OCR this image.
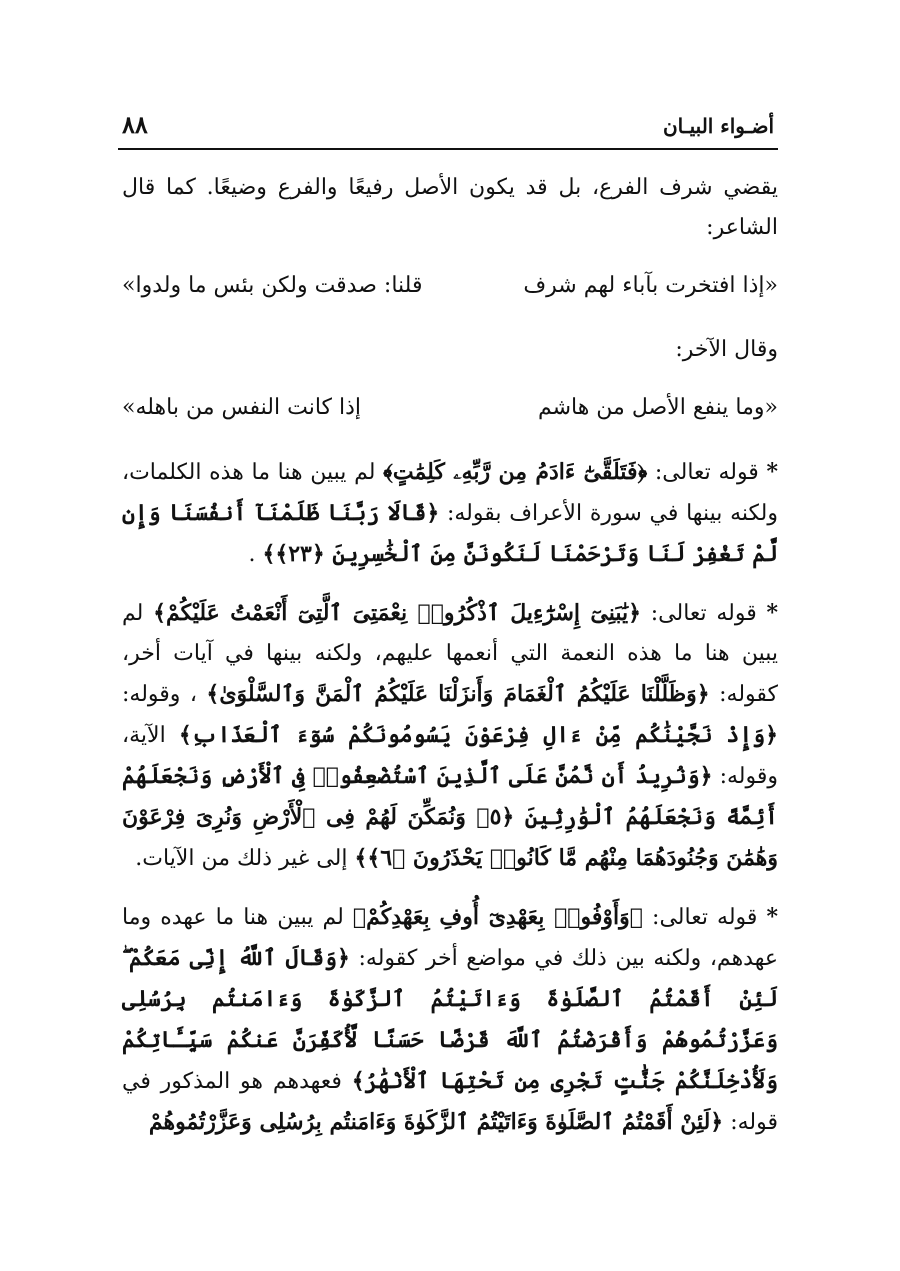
٨٨	أضـواء البيـان

يقضي شرف الفرع، بل قد يكون الأصل رفيعًا والفرع وضيعًا. كما قال الشاعر:

«إذا افتخرت بآباء لهم شرف
قلنا: صدقت ولكن بئس ما ولدوا»

وقال الآخر:

«وما ينفع الأصل من هاشم
إذا كانت النفس من باهله»

* قوله تعالى: ﴿فَتَلَقَّىٰٓ ءَادَمُ مِن رَّبِّهِۦ كَلِمَٰتٍ﴾ لم يبين هنا ما هذه الكلمات، ولكنه بينها في سورة الأعراف بقوله: ﴿قَالَا رَبَّنَا ظَلَمْنَآ أَنفُسَنَا وَإِن لَّمْ تَغْفِرْ لَنَا وَتَرْحَمْنَا لَنَكُونَنَّ مِنَ ٱلْخَٰسِرِينَ ﴿٢٣﴾﴾ .

* قوله تعالى: ﴿يَٰبَنِىٓ إِسْرَٰٓءِيلَ ٱذْكُرُوا۟ نِعْمَتِىَ ٱلَّتِىٓ أَنْعَمْتُ عَلَيْكُمْ﴾ لم يبين هنا ما هذه النعمة التي أنعمها عليهم، ولكنه بينها في آيات أخر، كقوله: ﴿وَظَلَّلْنَا عَلَيْكُمُ ٱلْغَمَامَ وَأَنزَلْنَا عَلَيْكُمُ ٱلْمَنَّ وَٱلسَّلْوَىٰ﴾ ، وقوله: ﴿وَإِذْ نَجَّيْنَٰكُم مِّنْ ءَالِ فِرْعَوْنَ يَسُومُونَكُمْ سُوٓءَ ٱلْعَذَابِ﴾ الآية، وقوله: ﴿وَنُرِيدُ أَن نَّمُنَّ عَلَى ٱلَّذِينَ ٱسْتُضْعِفُوا۟ فِى ٱلْأَرْضِ وَنَجْعَلَهُمْ أَئِمَّةً وَنَجْعَلَهُمُ ٱلْوَٰرِثِينَ ﴿٥﴾ وَنُمَكِّنَ لَهُمْ فِى ٱلْأَرْضِ وَنُرِىَ فِرْعَوْنَ وَهَٰمَٰنَ وَجُنُودَهُمَا مِنْهُم مَّا كَانُوا۟ يَحْذَرُونَ ﴿٦﴾﴾ إلى غير ذلك من الآيات.

* قوله تعالى: ﴿وَأَوْفُوا۟ بِعَهْدِىٓ أُوفِ بِعَهْدِكُمْ﴾ لم يبين هنا ما عهده وما عهدهم، ولكنه بين ذلك في مواضع أخر كقوله: ﴿وَقَالَ ٱللَّهُ إِنِّى مَعَكُمْ ۖ لَئِنْ أَقَمْتُمُ ٱلصَّلَوٰةَ وَءَاتَيْتُمُ ٱلزَّكَوٰةَ وَءَامَنتُم بِرُسُلِى وَعَزَّرْتُمُوهُمْ وَأَقْرَضْتُمُ ٱللَّهَ قَرْضًا حَسَنًا لَّأُكَفِّرَنَّ عَنكُمْ سَيِّـَٔاتِكُمْ وَلَأُدْخِلَنَّكُمْ جَنَّٰتٍ تَجْرِى مِن تَحْتِهَا ٱلْأَنْهَٰرُ﴾ فعهدهم هو المذكور في قوله: ﴿لَئِنْ أَقَمْتُمُ ٱلصَّلَوٰةَ وَءَاتَيْتُمُ ٱلزَّكَوٰةَ وَءَامَنتُم بِرُسُلِى وَعَزَّرْتُمُوهُمْ
